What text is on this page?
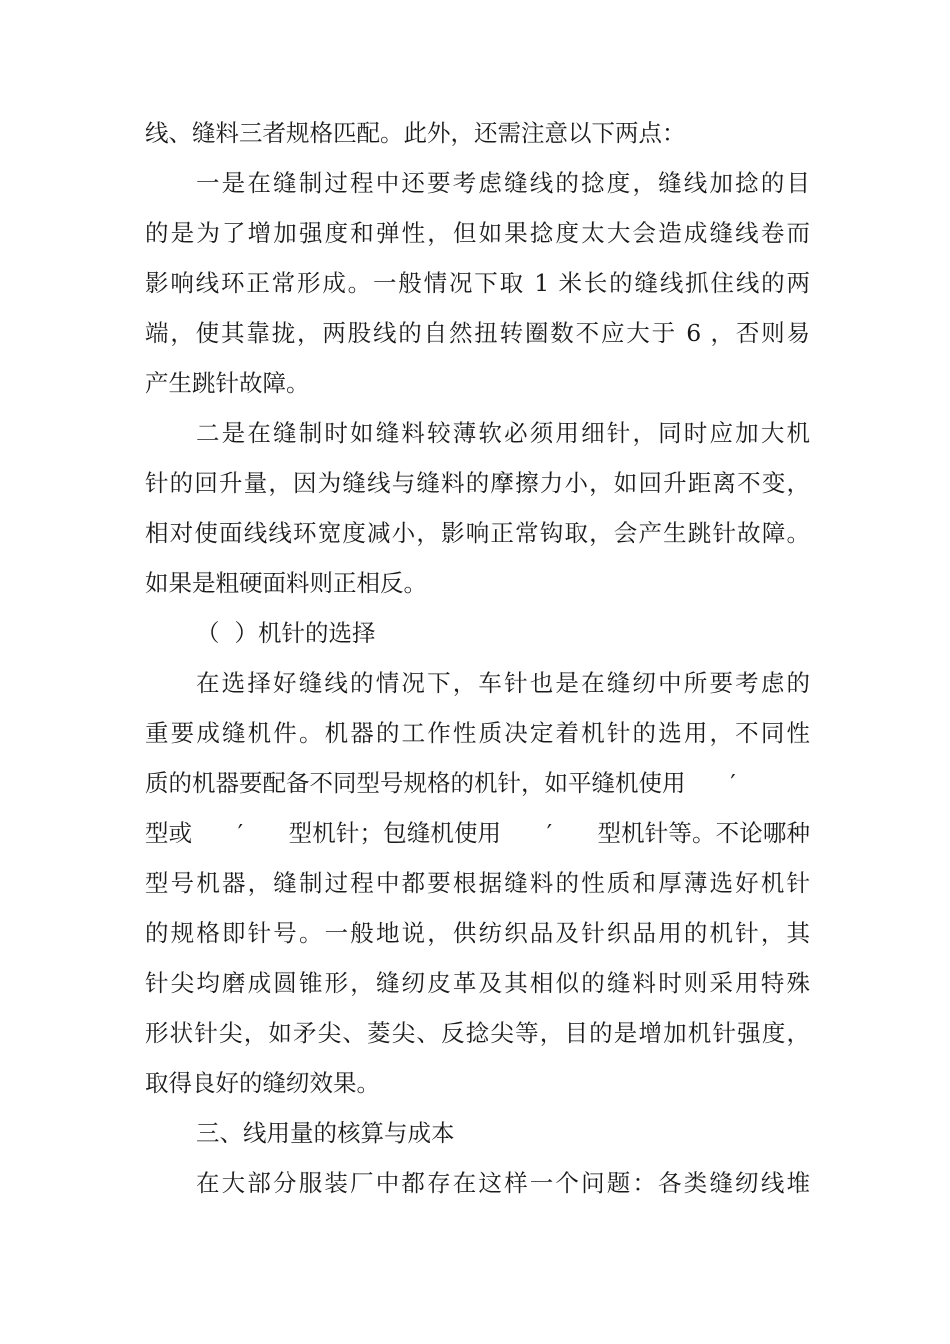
线、缝料三者规格匹配。此外，还需注意以下两点：
一是在缝制过程中还要考虑缝线的捻度，缝线加捻的目
的是为了增加强度和弹性，但如果捻度太大会造成缝线卷而
影响线环正常形成。一般情况下取 1 米长的缝线抓住线的两
端，使其靠拢，两股线的自然扭转圈数不应大于 6 ，否则易
产生跳针故障。
二是在缝制时如缝料较薄软必须用细针，同时应加大机
针的回升量，因为缝线与缝料的摩擦力小，如回升距离不变，
相对使面线线环宽度减小，影响正常钩取，会产生跳针故障。
如果是粗硬面料则正相反。
（  ）机针的选择
在选择好缝线的情况下，车针也是在缝纫中所要考虑的
重要成缝机件。机器的工作性质决定着机针的选用，不同性
质的机器要配备不同型号规格的机针，如平缝机使用      ′
型或      ′      型机针；包缝机使用      ′      型机针等。不论哪种
型号机器，缝制过程中都要根据缝料的性质和厚薄选好机针
的规格即针号。一般地说，供纺织品及针织品用的机针，其
针尖均磨成圆锥形，缝纫皮革及其相似的缝料时则采用特殊
形状针尖，如矛尖、菱尖、反捻尖等，目的是增加机针强度，
取得良好的缝纫效果。
三、线用量的核算与成本
在大部分服装厂中都存在这样一个问题：各类缝纫线堆
